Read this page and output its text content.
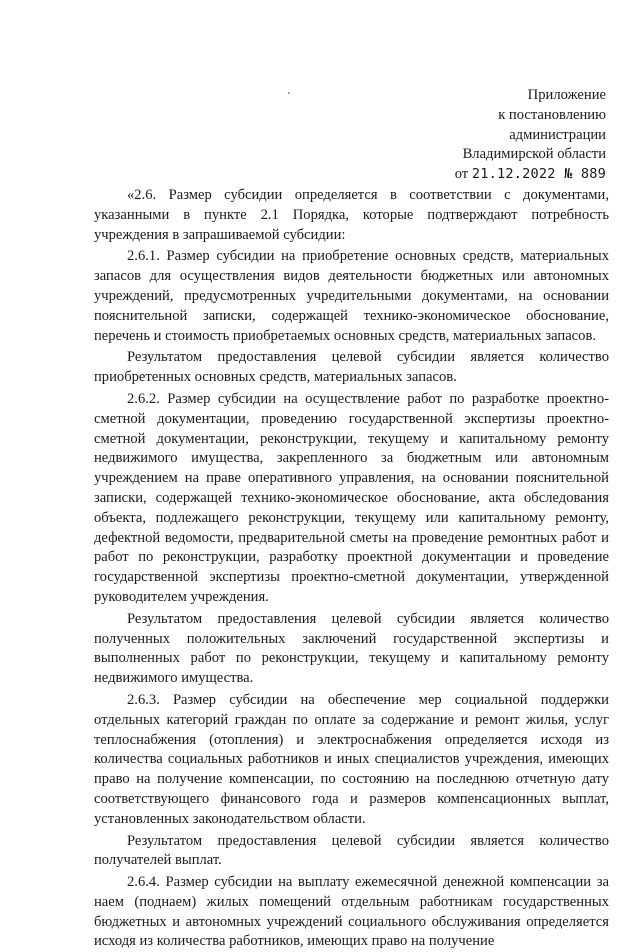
Приложение
к постановлению
администрации
Владимирской области
от 21.12.2022 № 889

«2.6. Размер субсидии определяется в соответствии с документами, указанными в пункте 2.1 Порядка, которые подтверждают потребность учреждения в запрашиваемой субсидии:

2.6.1. Размер субсидии на приобретение основных средств, материальных запасов для осуществления видов деятельности бюджетных или автономных учреждений, предусмотренных учредительными документами, на основании пояснительной записки, содержащей технико-экономическое обоснование, перечень и стоимость приобретаемых основных средств, материальных запасов.

Результатом предоставления целевой субсидии является количество приобретенных основных средств, материальных запасов.

2.6.2. Размер субсидии на осуществление работ по разработке проектно-сметной документации, проведению государственной экспертизы проектно-сметной документации, реконструкции, текущему и капитальному ремонту недвижимого имущества, закрепленного за бюджетным или автономным учреждением на праве оперативного управления, на основании пояснительной записки, содержащей технико-экономическое обоснование, акта обследования объекта, подлежащего реконструкции, текущему или капитальному ремонту, дефектной ведомости, предварительной сметы на проведение ремонтных работ и работ по реконструкции, разработку проектной документации и проведение государственной экспертизы проектно-сметной документации, утвержденной руководителем учреждения.

Результатом предоставления целевой субсидии является количество полученных положительных заключений государственной экспертизы и выполненных работ по реконструкции, текущему и капитальному ремонту недвижимого имущества.

2.6.3. Размер субсидии на обеспечение мер социальной поддержки отдельных категорий граждан по оплате за содержание и ремонт жилья, услуг теплоснабжения (отопления) и электроснабжения определяется исходя из количества социальных работников и иных специалистов учреждения, имеющих право на получение компенсации, по состоянию на последнюю отчетную дату соответствующего финансового года и размеров компенсационных выплат, установленных законодательством области.

Результатом предоставления целевой субсидии является количество получателей выплат.

2.6.4. Размер субсидии на выплату ежемесячной денежной компенсации за наем (поднаем) жилых помещений отдельным работникам государственных бюджетных и автономных учреждений социального обслуживания определяется исходя из количества работников, имеющих право на получение
